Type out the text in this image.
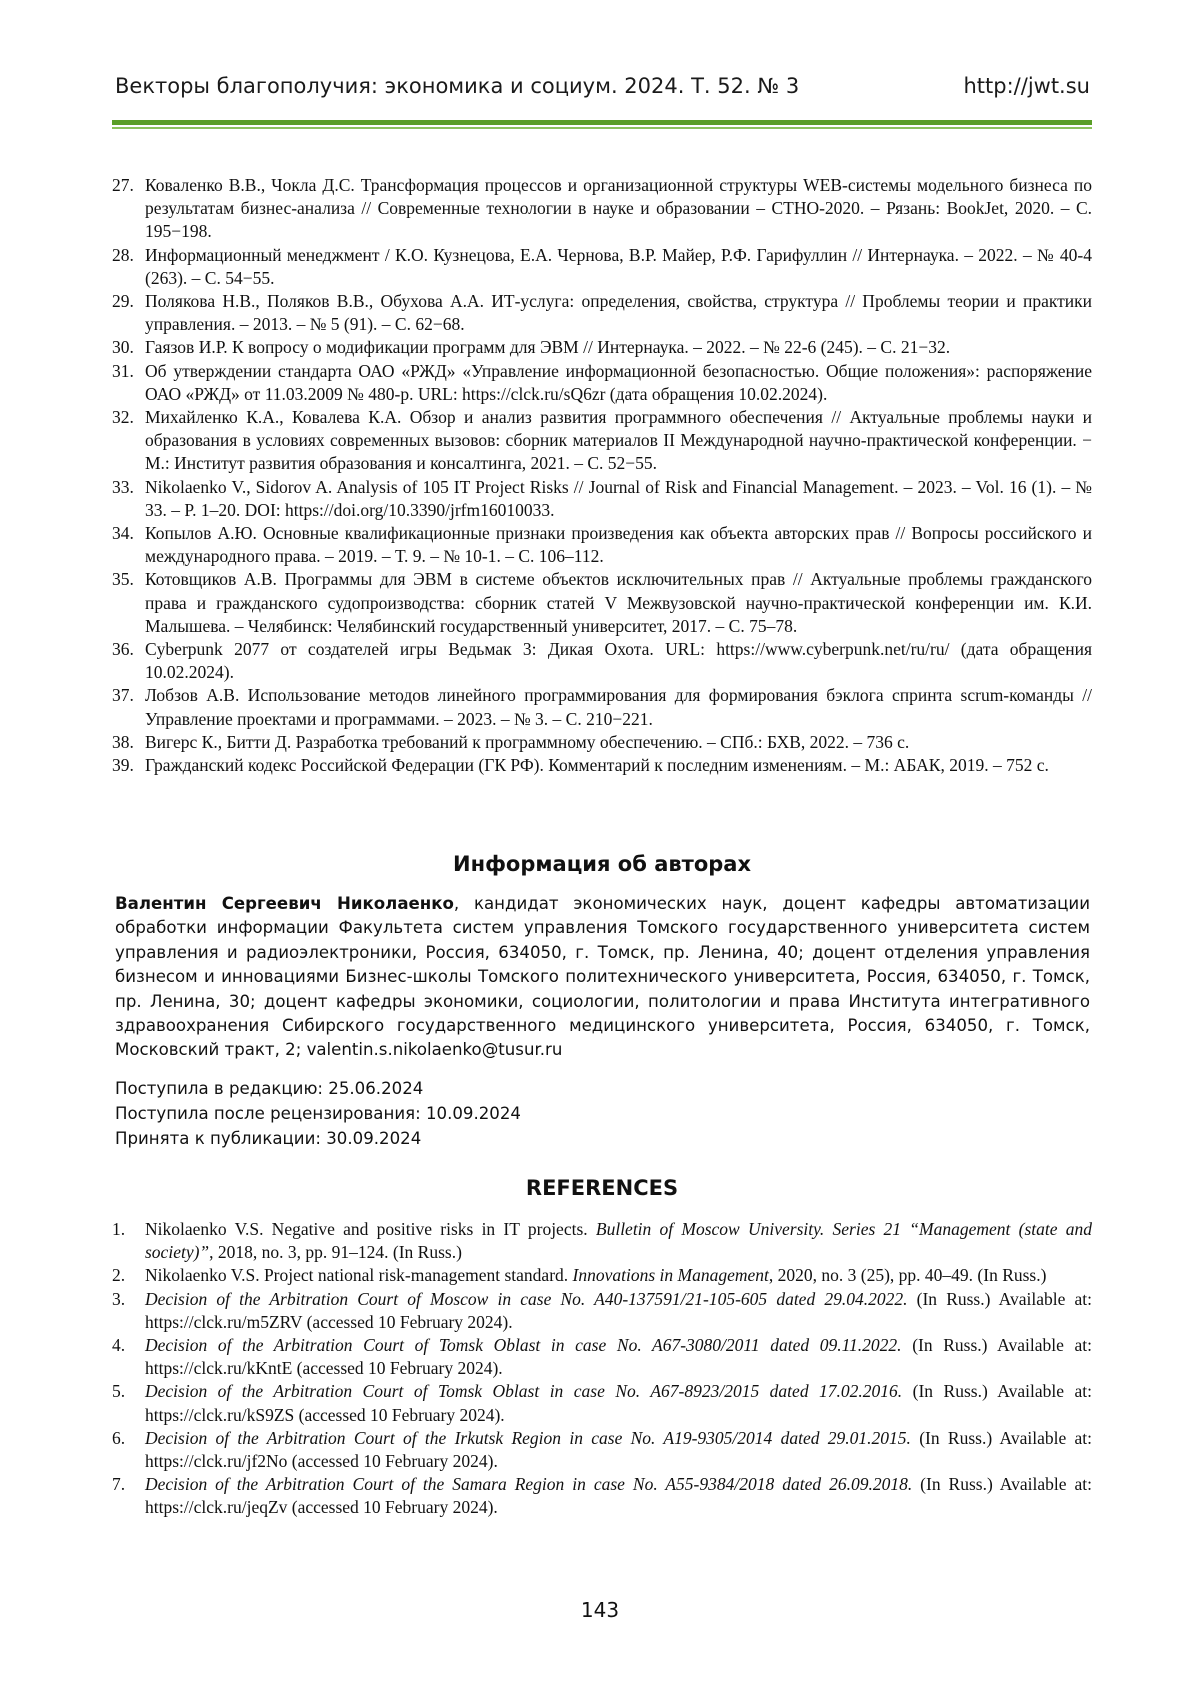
Векторы благополучия: экономика и социум. 2024. Т. 52. № 3	http://jwt.su
27. Коваленко В.В., Чокла Д.С. Трансформация процессов и организационной структуры WEB-системы модельного бизнеса по результатам бизнес-анализа // Современные технологии в науке и образовании – СТНО-2020. – Рязань: BookJet, 2020. – С. 195−198.
28. Информационный менеджмент / К.О. Кузнецова, Е.А. Чернова, В.Р. Майер, Р.Ф. Гарифуллин // Интернаука. – 2022. – № 40-4 (263). – С. 54−55.
29. Полякова Н.В., Поляков В.В., Обухова А.А. ИТ-услуга: определения, свойства, структура // Проблемы теории и практики управления. – 2013. – № 5 (91). – С. 62−68.
30. Гаязов И.Р. К вопросу о модификации программ для ЭВМ // Интернаука. – 2022. – № 22-6 (245). – С. 21−32.
31. Об утверждении стандарта ОАО «РЖД» «Управление информационной безопасностью. Общие положения»: распоряжение ОАО «РЖД» от 11.03.2009 № 480-р. URL: https://clck.ru/sQ6zr (дата обращения 10.02.2024).
32. Михайленко К.А., Ковалева К.А. Обзор и анализ развития программного обеспечения // Актуальные проблемы науки и образования в условиях современных вызовов: сборник материалов II Международной научно-практической конференции. − М.: Институт развития образования и консалтинга, 2021. – С. 52−55.
33. Nikolaenko V., Sidorov A. Analysis of 105 IT Project Risks // Journal of Risk and Financial Management. – 2023. – Vol. 16 (1). – № 33. – P. 1–20. DOI: https://doi.org/10.3390/jrfm16010033.
34. Копылов А.Ю. Основные квалификационные признаки произведения как объекта авторских прав // Вопросы российского и международного права. – 2019. – Т. 9. – № 10-1. – С. 106–112.
35. Котовщиков А.В. Программы для ЭВМ в системе объектов исключительных прав // Актуальные проблемы гражданского права и гражданского судопроизводства: сборник статей V Межвузовской научно-практической конференции им. К.И. Малышева. – Челябинск: Челябинский государственный университет, 2017. – С. 75–78.
36. Cyberpunk 2077 от создателей игры Ведьмак 3: Дикая Охота. URL: https://www.cyberpunk.net/ru/ru/ (дата обращения 10.02.2024).
37. Лобзов А.В. Использование методов линейного программирования для формирования бэклога спринта scrum-команды // Управление проектами и программами. – 2023. – № 3. – С. 210−221.
38. Вигерс К., Битти Д. Разработка требований к программному обеспечению. – СПб.: БХВ, 2022. – 736 с.
39. Гражданский кодекс Российской Федерации (ГК РФ). Комментарий к последним изменениям. – М.: АБАК, 2019. – 752 с.
Информация об авторах

Валентин Сергеевич Николаенко, кандидат экономических наук, доцент кафедры автоматизации обработки информации Факультета систем управления Томского государственного университета систем управления и радиоэлектроники, Россия, 634050, г. Томск, пр. Ленина, 40; доцент отделения управления бизнесом и инновациями Бизнес-школы Томского политехнического университета, Россия, 634050, г. Томск, пр. Ленина, 30; доцент кафедры экономики, социологии, политологии и права Института интегративного здравоохранения Сибирского государственного медицинского университета, Россия, 634050, г. Томск, Московский тракт, 2; valentin.s.nikolaenko@tusur.ru

Поступила в редакцию: 25.06.2024
Поступила после рецензирования: 10.09.2024
Принята к публикации: 30.09.2024
REFERENCES
1. Nikolaenko V.S. Negative and positive risks in IT projects. Bulletin of Moscow University. Series 21 “Management (state and society)”, 2018, no. 3, pp. 91–124. (In Russ.)
2. Nikolaenko V.S. Project national risk-management standard. Innovations in Management, 2020, no. 3 (25), pp. 40–49. (In Russ.)
3. Decision of the Arbitration Court of Moscow in case No. A40-137591/21-105-605 dated 29.04.2022. (In Russ.) Available at: https://clck.ru/m5ZRV (accessed 10 February 2024).
4. Decision of the Arbitration Court of Tomsk Oblast in case No. A67-3080/2011 dated 09.11.2022. (In Russ.) Available at: https://clck.ru/kKntE (accessed 10 February 2024).
5. Decision of the Arbitration Court of Tomsk Oblast in case No. A67-8923/2015 dated 17.02.2016. (In Russ.) Available at: https://clck.ru/kS9ZS (accessed 10 February 2024).
6. Decision of the Arbitration Court of the Irkutsk Region in case No. A19-9305/2014 dated 29.01.2015. (In Russ.) Available at: https://clck.ru/jf2No (accessed 10 February 2024).
7. Decision of the Arbitration Court of the Samara Region in case No. A55-9384/2018 dated 26.09.2018. (In Russ.) Available at: https://clck.ru/jeqZv (accessed 10 February 2024).
143
